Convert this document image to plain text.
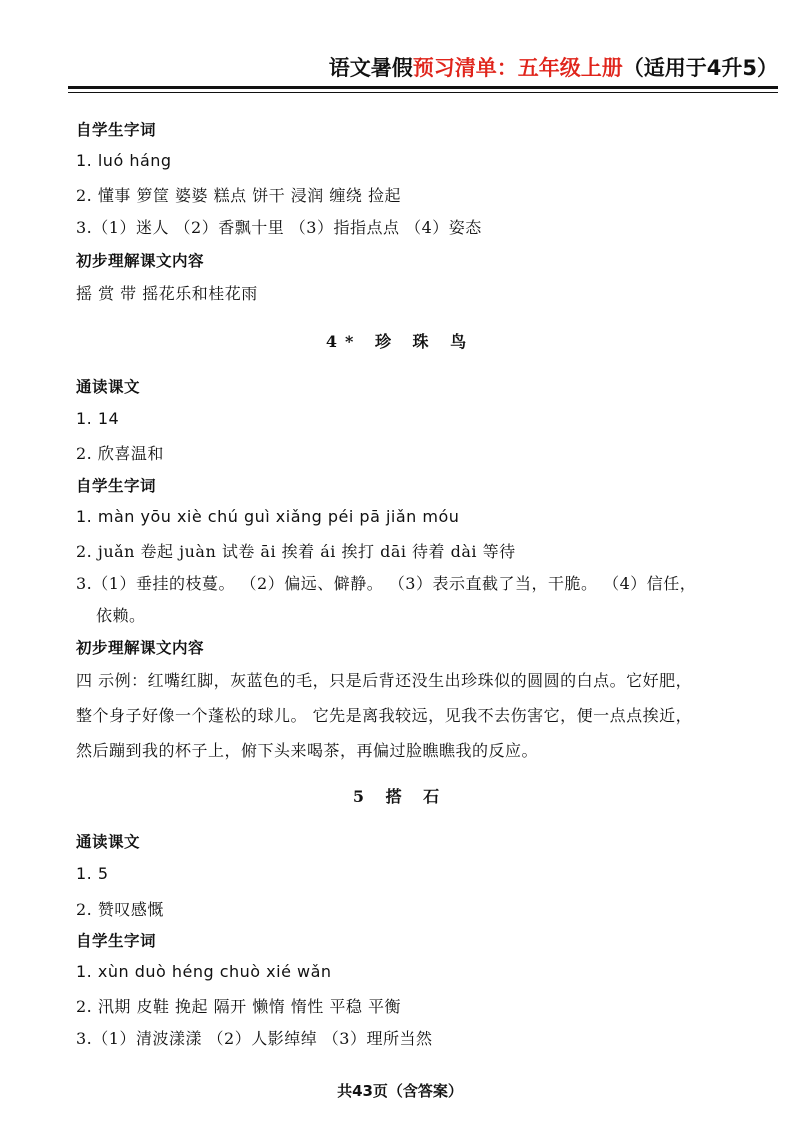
语文暑假预习清单：五年级上册（适用于4升5）
自学生字词
1. luó háng
2. 懂事 箩筐 婆婆 糕点 饼干 浸润 缠绕 捡起
3.（1）迷人 （2）香飘十里 （3）指指点点 （4）姿态
初步理解课文内容
摇 赏 带 摇花乐和桂花雨
4* 珍 珠 鸟
通读课文
1. 14
2. 欣喜温和
自学生字词
1. màn yōu xiè chú guì xiǎng péi pā jiǎn móu
2. juǎn 卷起 juàn 试卷 āi 挨着 ái 挨打 dāi 待着 dài 等待
3.（1）垂挂的枝蔓。 （2）偏远、僻静。 （3）表示直截了当，干脆。 （4）信任，
依赖。
初步理解课文内容
四 示例：红嘴红脚，灰蓝色的毛，只是后背还没生出珍珠似的圆圆的白点。它好肥，
整个身子好像一个蓬松的球儿。 它先是离我较远，见我不去伤害它，便一点点挨近，
然后蹦到我的杯子上，俯下头来喝茶，再偏过脸瞧瞧我的反应。
5 搭 石
通读课文
1. 5
2. 赞叹感慨
自学生字词
1. xùn duò héng chuò xié wǎn
2. 汛期 皮鞋 挽起 隔开 懒惰 惰性 平稳 平衡
3.（1）清波漾漾 （2）人影绰绰 （3）理所当然
共43页（含答案）
